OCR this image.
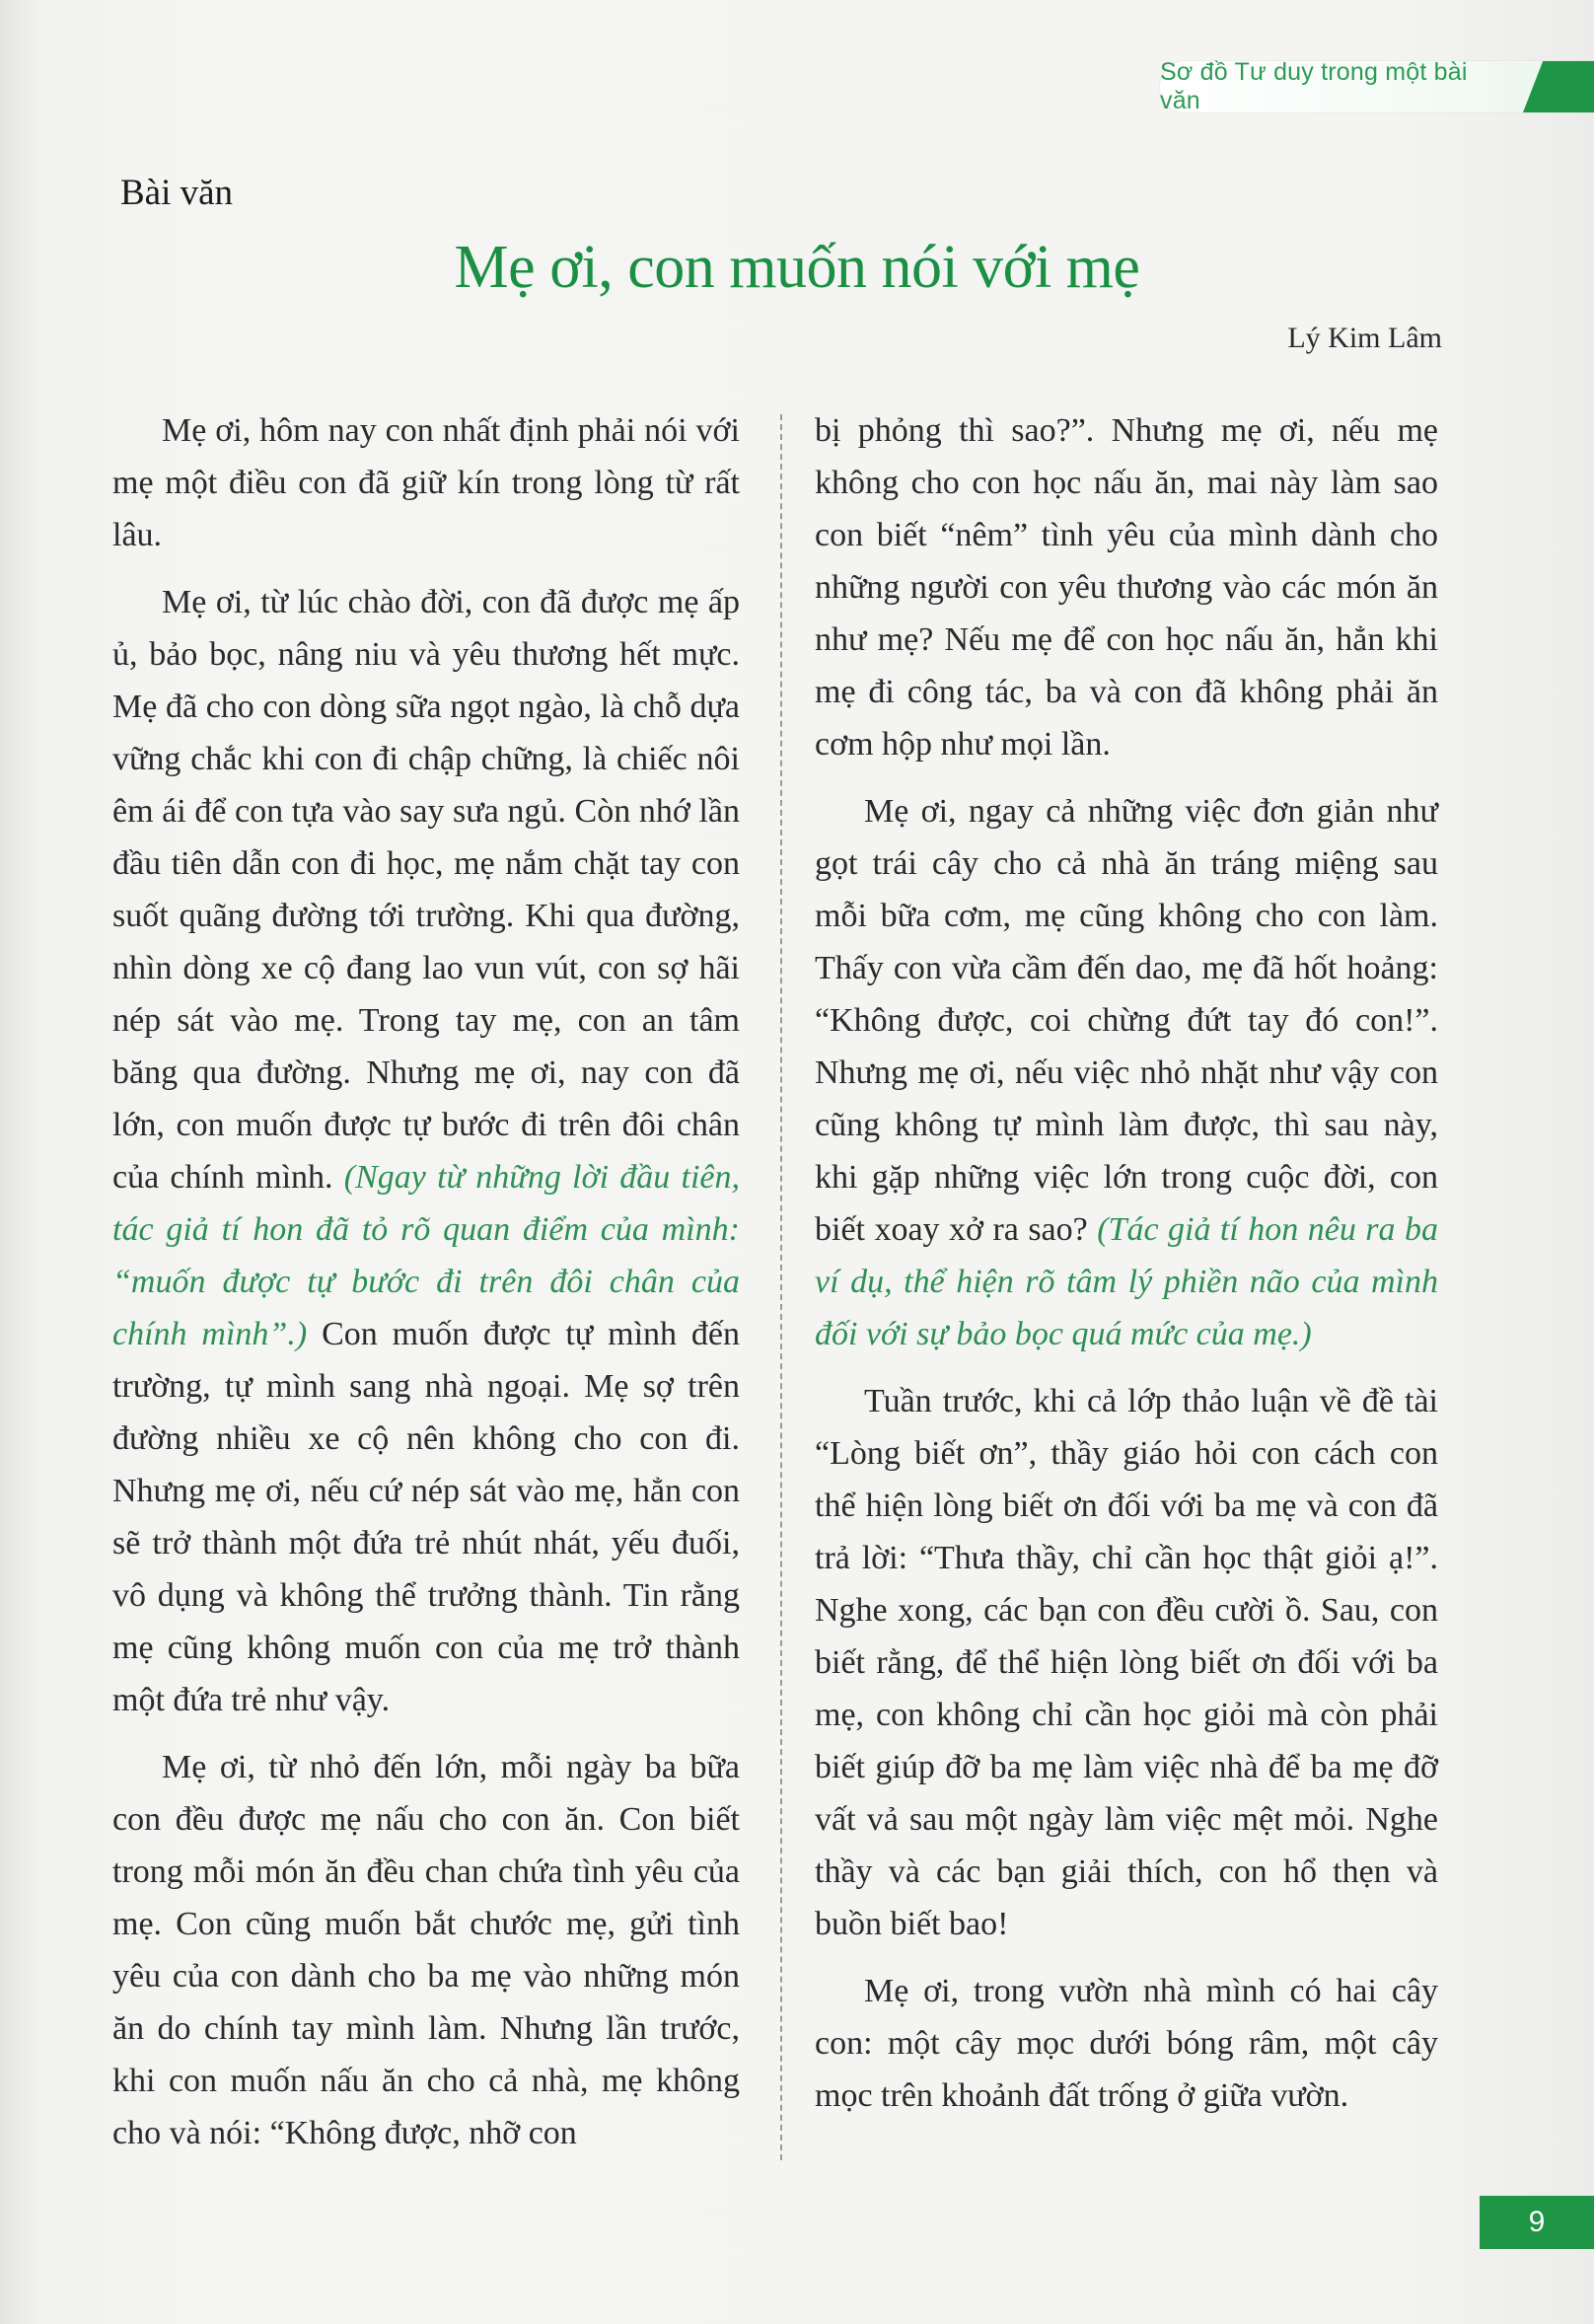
Sơ đồ Tư duy trong một bài văn
Bài văn
Mẹ ơi, con muốn nói với mẹ
Lý Kim Lâm

Mẹ ơi, hôm nay con nhất định phải nói với mẹ một điều con đã giữ kín trong lòng từ rất lâu.

Mẹ ơi, từ lúc chào đời, con đã được mẹ ấp ủ, bảo bọc, nâng niu và yêu thương hết mực. Mẹ đã cho con dòng sữa ngọt ngào, là chỗ dựa vững chắc khi con đi chập chững, là chiếc nôi êm ái để con tựa vào say sưa ngủ. Còn nhớ lần đầu tiên dẫn con đi học, mẹ nắm chặt tay con suốt quãng đường tới trường. Khi qua đường, nhìn dòng xe cộ đang lao vun vút, con sợ hãi nép sát vào mẹ. Trong tay mẹ, con an tâm băng qua đường. Nhưng mẹ ơi, nay con đã lớn, con muốn được tự bước đi trên đôi chân của chính mình. (Ngay từ những lời đầu tiên, tác giả tí hon đã tỏ rõ quan điểm của mình: “muốn được tự bước đi trên đôi chân của chính mình”.) Con muốn được tự mình đến trường, tự mình sang nhà ngoại. Mẹ sợ trên đường nhiều xe cộ nên không cho con đi. Nhưng mẹ ơi, nếu cứ nép sát vào mẹ, hẳn con sẽ trở thành một đứa trẻ nhút nhát, yếu đuối, vô dụng và không thể trưởng thành. Tin rằng mẹ cũng không muốn con của mẹ trở thành một đứa trẻ như vậy.

Mẹ ơi, từ nhỏ đến lớn, mỗi ngày ba bữa con đều được mẹ nấu cho con ăn. Con biết trong mỗi món ăn đều chan chứa tình yêu của mẹ. Con cũng muốn bắt chước mẹ, gửi tình yêu của con dành cho ba mẹ vào những món ăn do chính tay mình làm. Nhưng lần trước, khi con muốn nấu ăn cho cả nhà, mẹ không cho và nói: “Không được, nhỡ con

bị phỏng thì sao?”. Nhưng mẹ ơi, nếu mẹ không cho con học nấu ăn, mai này làm sao con biết “nêm” tình yêu của mình dành cho những người con yêu thương vào các món ăn như mẹ? Nếu mẹ để con học nấu ăn, hẳn khi mẹ đi công tác, ba và con đã không phải ăn cơm hộp như mọi lần.

Mẹ ơi, ngay cả những việc đơn giản như gọt trái cây cho cả nhà ăn tráng miệng sau mỗi bữa cơm, mẹ cũng không cho con làm. Thấy con vừa cầm đến dao, mẹ đã hốt hoảng: “Không được, coi chừng đứt tay đó con!”. Nhưng mẹ ơi, nếu việc nhỏ nhặt như vậy con cũng không tự mình làm được, thì sau này, khi gặp những việc lớn trong cuộc đời, con biết xoay xở ra sao? (Tác giả tí hon nêu ra ba ví dụ, thể hiện rõ tâm lý phiền não của mình đối với sự bảo bọc quá mức của mẹ.)

Tuần trước, khi cả lớp thảo luận về đề tài “Lòng biết ơn”, thầy giáo hỏi con cách con thể hiện lòng biết ơn đối với ba mẹ và con đã trả lời: “Thưa thầy, chỉ cần học thật giỏi ạ!”. Nghe xong, các bạn con đều cười ồ. Sau, con biết rằng, để thể hiện lòng biết ơn đối với ba mẹ, con không chỉ cần học giỏi mà còn phải biết giúp đỡ ba mẹ làm việc nhà để ba mẹ đỡ vất vả sau một ngày làm việc mệt mỏi. Nghe thầy và các bạn giải thích, con hổ thẹn và buồn biết bao!

Mẹ ơi, trong vườn nhà mình có hai cây con: một cây mọc dưới bóng râm, một cây mọc trên khoảnh đất trống ở giữa vườn.

9
